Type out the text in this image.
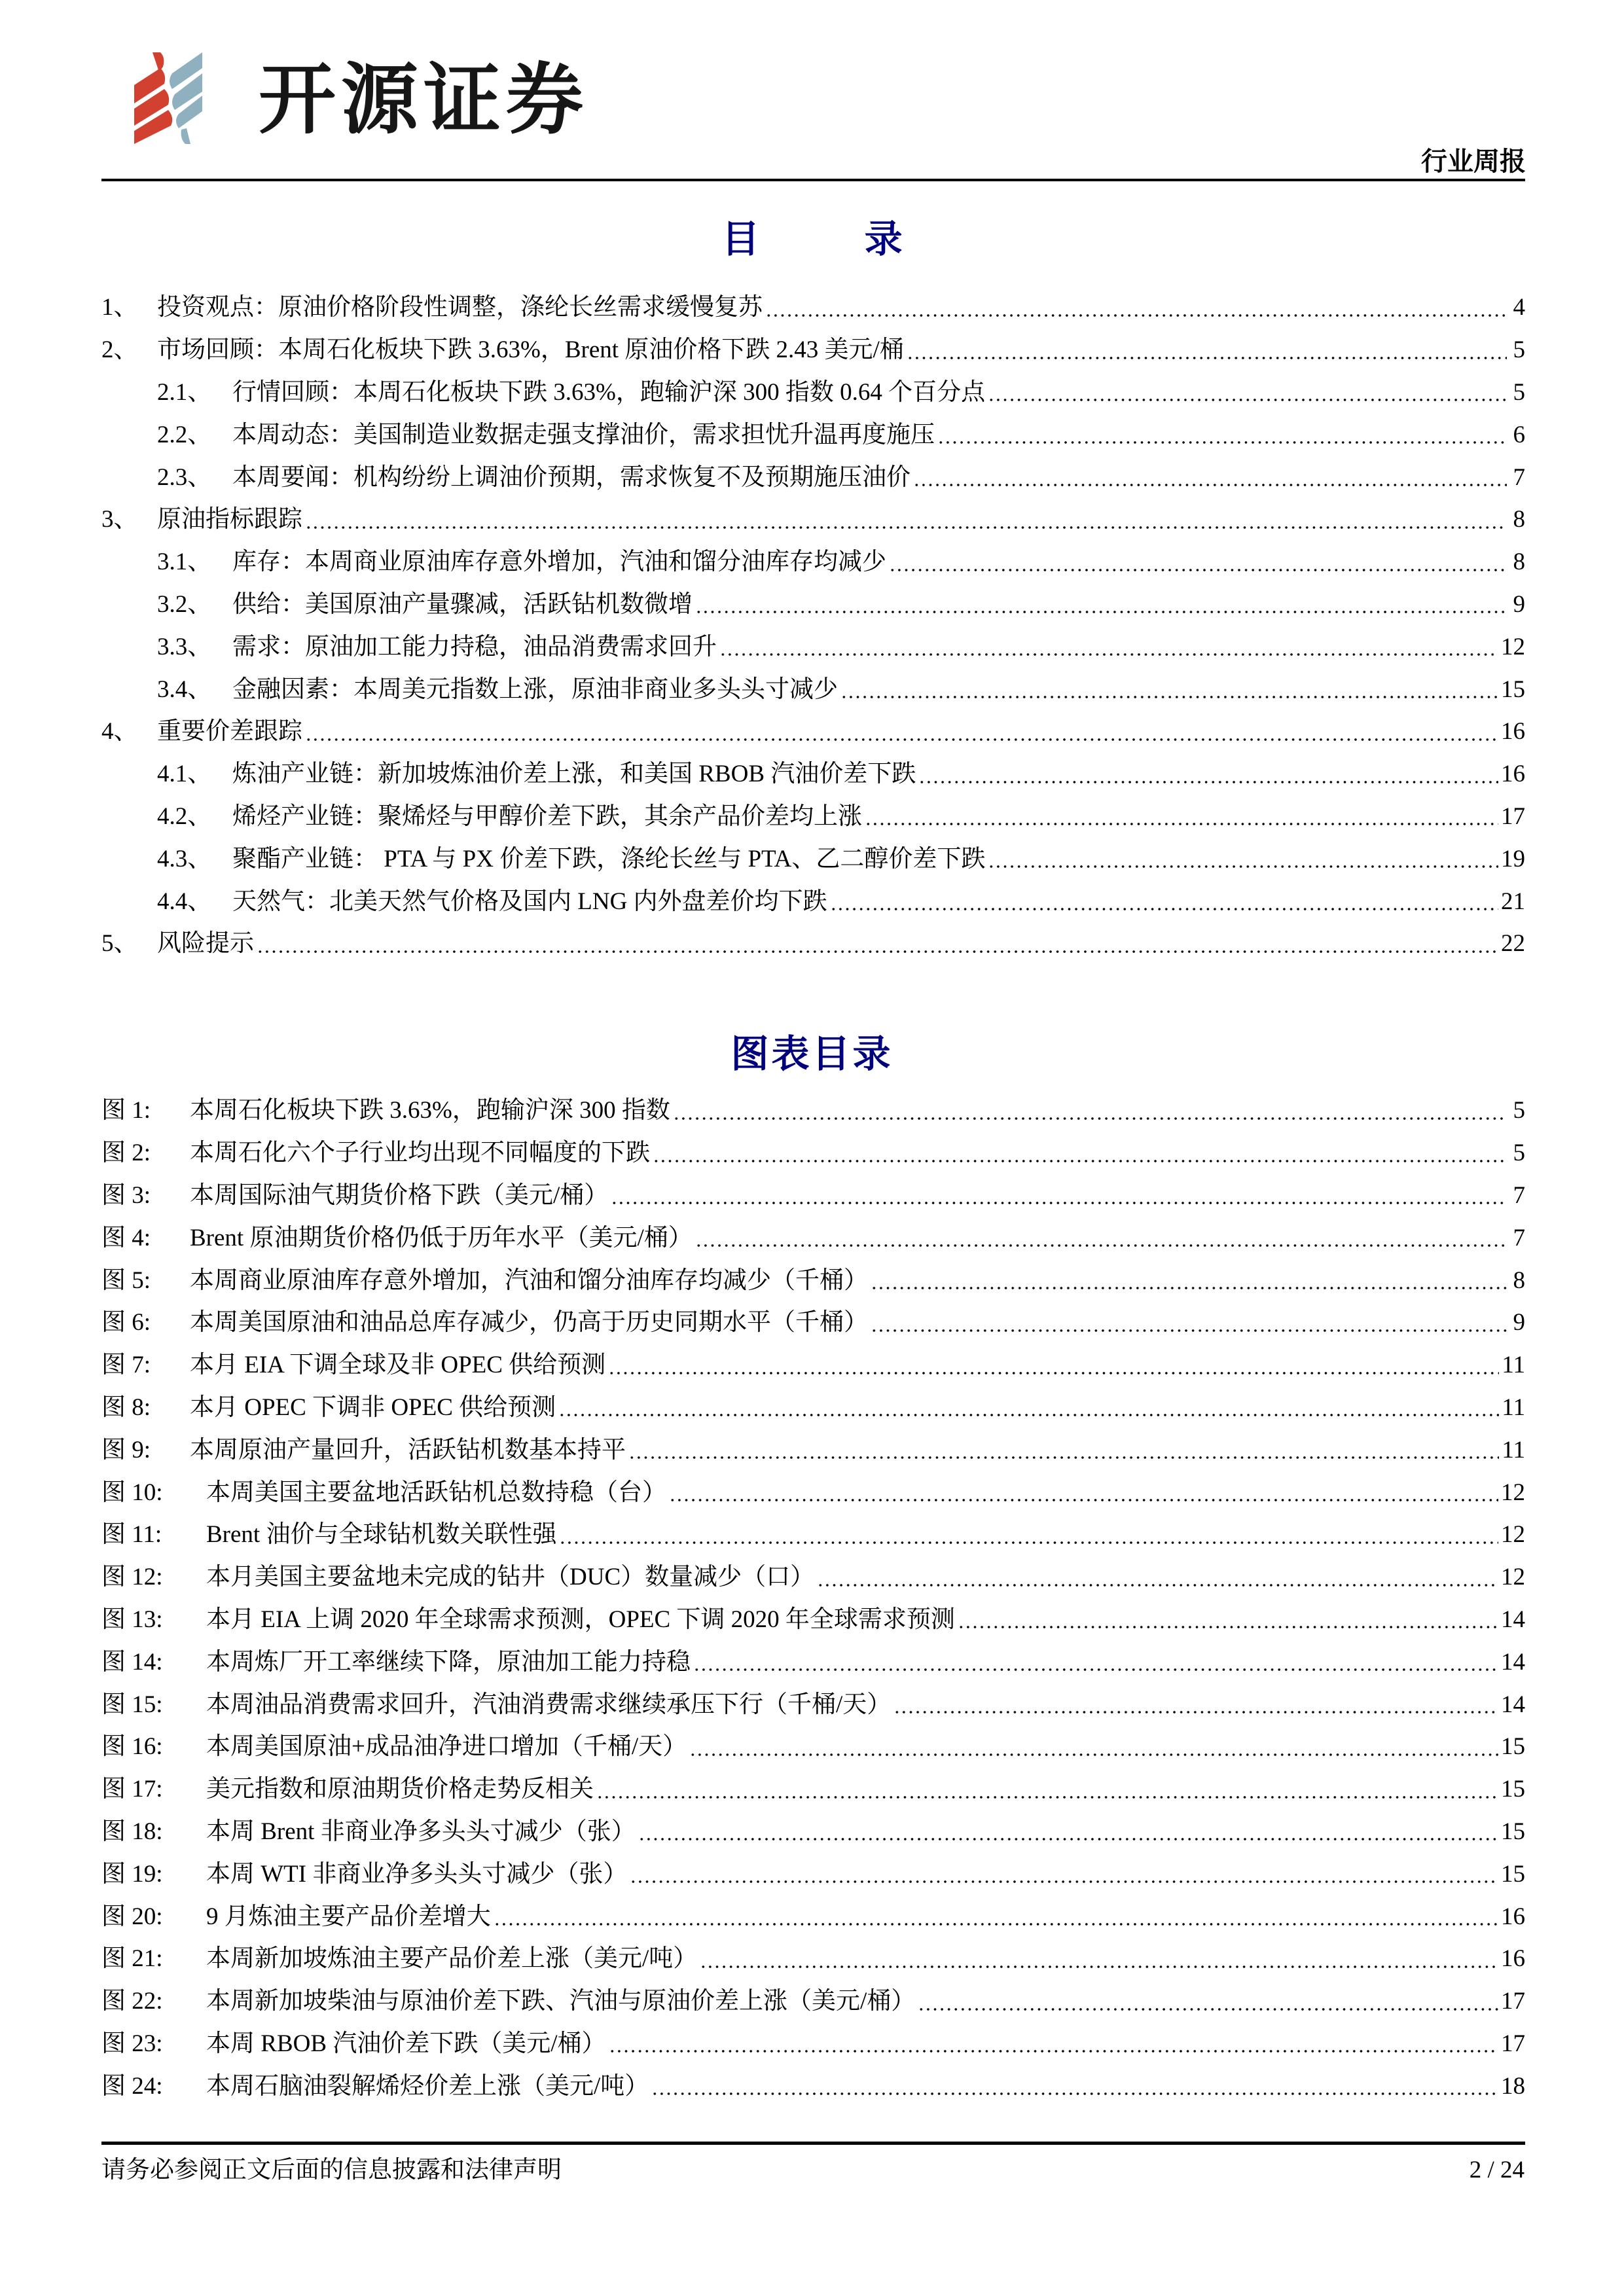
开源证券
行业周报
目 录
1、 投资观点：原油价格阶段性调整，涤纶长丝需求缓慢复苏	4
2、 市场回顾：本周石化板块下跌 3.63%，Brent 原油价格下跌 2.43 美元/桶	5
2.1、 行情回顾：本周石化板块下跌 3.63%，跑输沪深 300 指数 0.64 个百分点	5
2.2、 本周动态：美国制造业数据走强支撑油价，需求担忧升温再度施压	6
2.3、 本周要闻：机构纷纷上调油价预期，需求恢复不及预期施压油价	7
3、 原油指标跟踪	8
3.1、 库存：本周商业原油库存意外增加，汽油和馏分油库存均减少	8
3.2、 供给：美国原油产量骤减，活跃钻机数微增	9
3.3、 需求：原油加工能力持稳，油品消费需求回升	12
3.4、 金融因素：本周美元指数上涨，原油非商业多头头寸减少	15
4、 重要价差跟踪	16
4.1、 炼油产业链：新加坡炼油价差上涨，和美国 RBOB 汽油价差下跌	16
4.2、 烯烃产业链：聚烯烃与甲醇价差下跌，其余产品价差均上涨	17
4.3、 聚酯产业链： PTA 与 PX 价差下跌，涤纶长丝与 PTA、乙二醇价差下跌	19
4.4、 天然气：北美天然气价格及国内 LNG 内外盘差价均下跌	21
5、 风险提示	22
图表目录
图 1:	本周石化板块下跌 3.63%，跑输沪深 300 指数	5
图 2:	本周石化六个子行业均出现不同幅度的下跌	5
图 3:	本周国际油气期货价格下跌（美元/桶）	7
图 4:	Brent 原油期货价格仍低于历年水平（美元/桶）	7
图 5:	本周商业原油库存意外增加，汽油和馏分油库存均减少（千桶）	8
图 6:	本周美国原油和油品总库存减少，仍高于历史同期水平（千桶）	9
图 7:	本月 EIA 下调全球及非 OPEC 供给预测	11
图 8:	本月 OPEC 下调非 OPEC 供给预测	11
图 9:	本周原油产量回升，活跃钻机数基本持平	11
图 10:	本周美国主要盆地活跃钻机总数持稳（台）	12
图 11:	Brent 油价与全球钻机数关联性强	12
图 12:	本月美国主要盆地未完成的钻井（DUC）数量减少（口）	12
图 13:	本月 EIA 上调 2020 年全球需求预测，OPEC 下调 2020 年全球需求预测	14
图 14:	本周炼厂开工率继续下降，原油加工能力持稳	14
图 15:	本周油品消费需求回升，汽油消费需求继续承压下行（千桶/天）	14
图 16:	本周美国原油+成品油净进口增加（千桶/天）	15
图 17:	美元指数和原油期货价格走势反相关	15
图 18:	本周 Brent 非商业净多头头寸减少（张）	15
图 19:	本周 WTI 非商业净多头头寸减少（张）	15
图 20:	9 月炼油主要产品价差增大	16
图 21:	本周新加坡炼油主要产品价差上涨（美元/吨）	16
图 22:	本周新加坡柴油与原油价差下跌、汽油与原油价差上涨（美元/桶）	17
图 23:	本周 RBOB 汽油价差下跌（美元/桶）	17
图 24:	本周石脑油裂解烯烃价差上涨（美元/吨）	18
请务必参阅正文后面的信息披露和法律声明	2 / 24
